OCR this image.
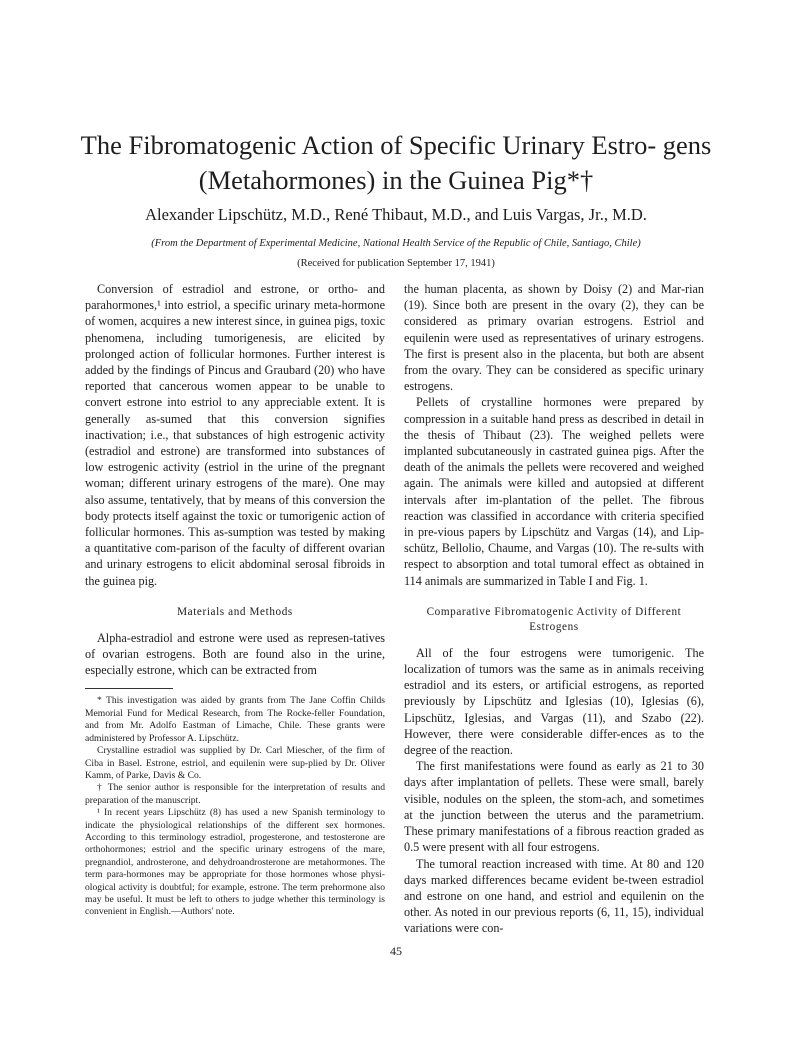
The Fibromatogenic Action of Specific Urinary Estro- gens (Metahormones) in the Guinea Pig*†

Alexander Lipschütz, M.D., René Thibaut, M.D., and Luis Vargas, Jr., M.D.

(From the Department of Experimental Medicine, National Health Service of the Republic of Chile, Santiago, Chile)

(Received for publication September 17, 1941)

Conversion of estradiol and estrone, or ortho- and parahormones,¹ into estriol, a specific urinary meta-hormone of women, acquires a new interest since, in guinea pigs, toxic phenomena, including tumorigenesis, are elicited by prolonged action of follicular hormones. Further interest is added by the findings of Pincus and Graubard (20) who have reported that cancerous women appear to be unable to convert estrone into estriol to any appreciable extent. It is generally as-sumed that this conversion signifies inactivation; i.e., that substances of high estrogenic activity (estradiol and estrone) are transformed into substances of low estrogenic activity (estriol in the urine of the pregnant woman; different urinary estrogens of the mare). One may also assume, tentatively, that by means of this conversion the body protects itself against the toxic or tumorigenic action of follicular hormones. This as-sumption was tested by making a quantitative com-parison of the faculty of different ovarian and urinary estrogens to elicit abdominal serosal fibroids in the guinea pig.

Materials and Methods

Alpha-estradiol and estrone were used as represen-tatives of ovarian estrogens. Both are found also in the urine, especially estrone, which can be extracted from

* This investigation was aided by grants from The Jane Coffin Childs Memorial Fund for Medical Research, from The Rocke-feller Foundation, and from Mr. Adolfo Eastman of Limache, Chile. These grants were administered by Professor A. Lipschütz.

Crystalline estradiol was supplied by Dr. Carl Miescher, of the firm of Ciba in Basel. Estrone, estriol, and equilenin were sup-plied by Dr. Oliver Kamm, of Parke, Davis & Co.

† The senior author is responsible for the interpretation of results and preparation of the manuscript.

¹ In recent years Lipschütz (8) has used a new Spanish terminology to indicate the physiological relationships of the different sex hormones. According to this terminology estradiol, progesterone, and testosterone are orthohormones; estriol and the specific urinary estrogens of the mare, pregnandiol, androsterone, and dehydroandrosterone are metahormones. The term para-hormones may be appropriate for those hormones whose physi-ological activity is doubtful; for example, estrone. The term prehormone also may be useful. It must be left to others to judge whether this terminology is convenient in English.—Authors' note.

the human placenta, as shown by Doisy (2) and Mar-rian (19). Since both are present in the ovary (2), they can be considered as primary ovarian estrogens. Estriol and equilenin were used as representatives of urinary estrogens. The first is present also in the placenta, but both are absent from the ovary. They can be considered as specific urinary estrogens.

Pellets of crystalline hormones were prepared by compression in a suitable hand press as described in detail in the thesis of Thibaut (23). The weighed pellets were implanted subcutaneously in castrated guinea pigs. After the death of the animals the pellets were recovered and weighed again. The animals were killed and autopsied at different intervals after im-plantation of the pellet. The fibrous reaction was classified in accordance with criteria specified in pre-vious papers by Lipschütz and Vargas (14), and Lip-schütz, Bellolio, Chaume, and Vargas (10). The re-sults with respect to absorption and total tumoral effect as obtained in 114 animals are summarized in Table I and Fig. 1.

Comparative Fibromatogenic Activity of Different Estrogens

All of the four estrogens were tumorigenic. The localization of tumors was the same as in animals receiving estradiol and its esters, or artificial estrogens, as reported previously by Lipschütz and Iglesias (10), Iglesias (6), Lipschütz, Iglesias, and Vargas (11), and Szabo (22). However, there were considerable differ-ences as to the degree of the reaction.

The first manifestations were found as early as 21 to 30 days after implantation of pellets. These were small, barely visible, nodules on the spleen, the stom-ach, and sometimes at the junction between the uterus and the parametrium. These primary manifestations of a fibrous reaction graded as 0.5 were present with all four estrogens.

The tumoral reaction increased with time. At 80 and 120 days marked differences became evident be-tween estradiol and estrone on one hand, and estriol and equilenin on the other. As noted in our previous reports (6, 11, 15), individual variations were con-

45
